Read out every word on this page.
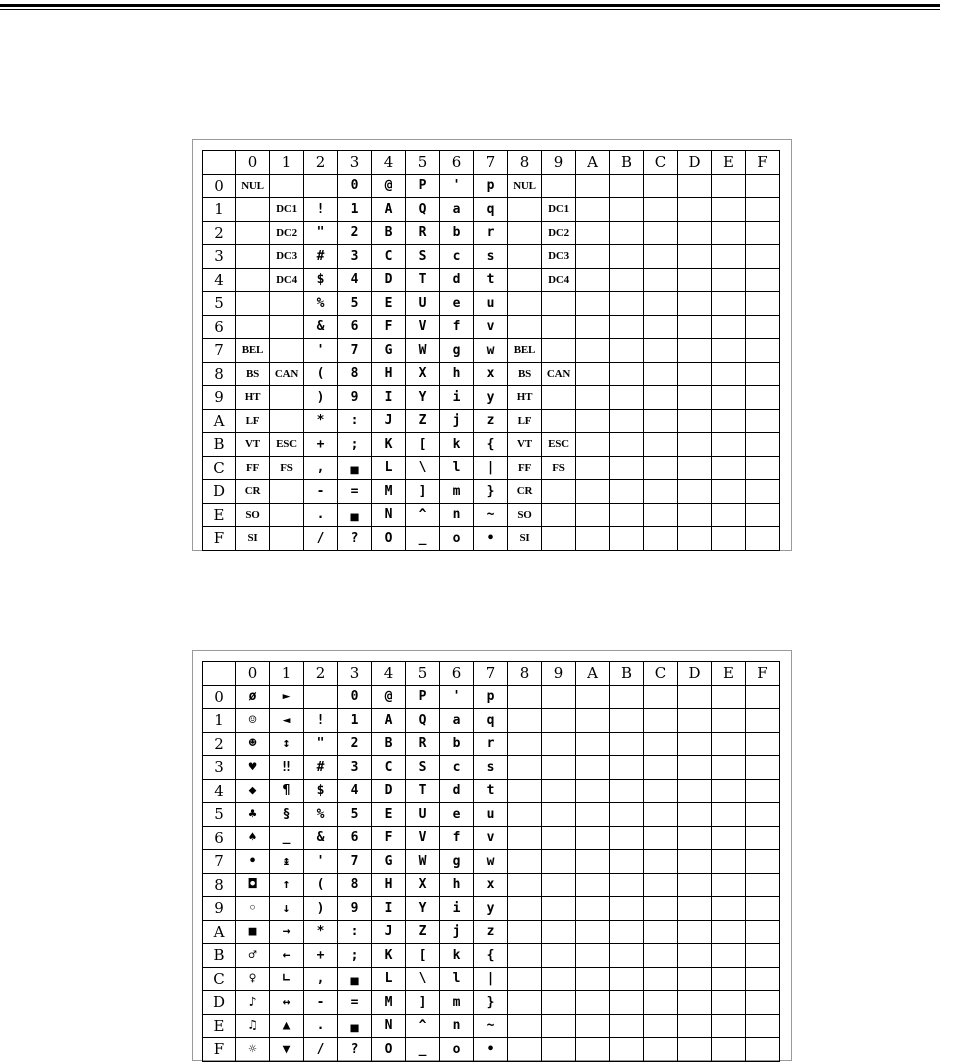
	0	1	2	3	4	5	6	7	8	9	A	B	C	D	E	F
0	NUL			0	@	P	'	p	NUL							
1		DC1	!	1	A	Q	a	q		DC1						
2		DC2	"	2	B	R	b	r		DC2						
3		DC3	#	3	C	S	c	s		DC3						
4		DC4	$	4	D	T	d	t		DC4						
5			%	5	E	U	e	u								
6			&	6	F	V	f	v								
7	BEL		'	7	G	W	g	w	BEL							
8	BS	CAN	(	8	H	X	h	x	BS	CAN						
9	HT		)	9	I	Y	i	y	HT							
A	LF		*	:	J	Z	j	z	LF							
B	VT	ESC	+	;	K	[	k	{	VT	ESC						
C	FF	FS	,	▄	L	\	l	|	FF	FS						
D	CR		-	=	M	]	m	}	CR							
E	SO		.	▄	N	^	n	~	SO							
F	SI		/	?	O	_	o	•	SI							
	0	1	2	3	4	5	6	7	8	9	A	B	C	D	E	F
0	ø	►		0	@	P	'	p								
1	☺	◄	!	1	A	Q	a	q								
2	☻	↕	"	2	B	R	b	r								
3	♥	‼	#	3	C	S	c	s								
4	◆	¶	$	4	D	T	d	t								
5	♣	§	%	5	E	U	e	u								
6	♠	_	&	6	F	V	f	v								
7	•	↨	'	7	G	W	g	w								
8	◘	↑	(	8	H	X	h	x								
9	◦	↓	)	9	I	Y	i	y								
A	■	→	*	:	J	Z	j	z								
B	♂	←	+	;	K	[	k	{								
C	♀	∟	,	▄	L	\	l	|								
D	♪	↔	-	=	M	]	m	}								
E	♫	▲	.	▄	N	^	n	~								
F	☼	▼	/	?	O	_	o	•								
